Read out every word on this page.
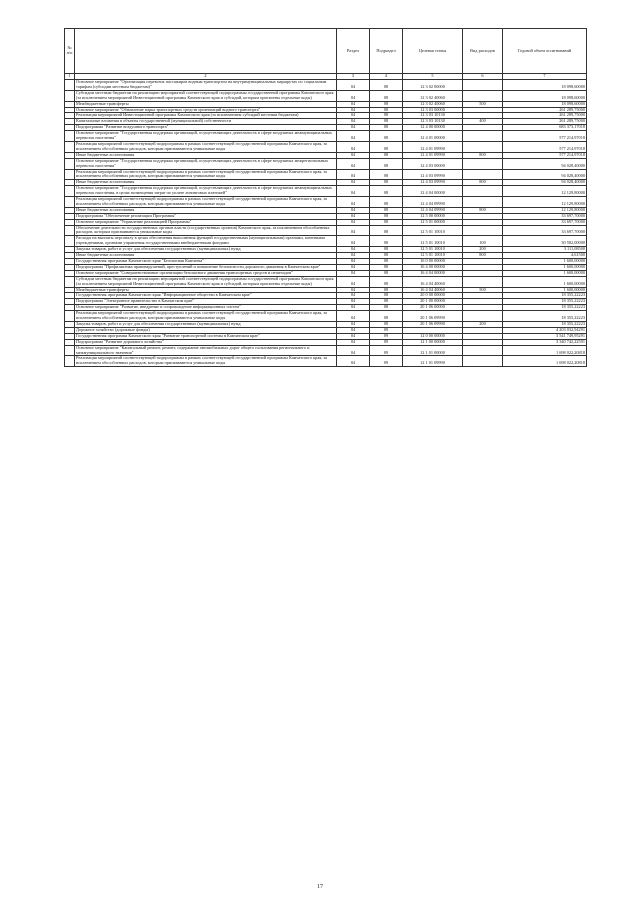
№ п/п		Раздел	Подраздел	Целевая статья	Вид расходов	Годовой объем ассигнований
1	2	3	4	5	6	7
	Основное мероприятие "Организация перевозок пассажиров водным транспортом на внутримуниципальных маршрутах по социальным тарифам (субсидии местным бюджетам)"	04	08	12 3 02 00000		18 098,60000
	Субсидии местным бюджетам на реализацию мероприятий соответствующей подпрограммы государственной программы Камчатского края (за исключением мероприятий Инвестиционной программы Камчатского края и субсидий, которым присвоены отдельные коды)	04	08	12 3 02 40060		18 098,60000
	Межбюджетные трансферты	04	08	12 3 02 40060	500	18 098,60000
	Основное мероприятие "Обновление парка транспортных средств организаций водного транспорта"	04	08	12 3 03 00000		261 289,75000
	Реализация мероприятий Инвестиционной программы Камчатского края (за исключением субсидий местным бюджетам)	04	08	12 3 03 10130		261 289,75000
	Капитальные вложения в объекты государственной (муниципальной) собственности	04	08	12 3 03 10130	400	261 289,75000
	Подпрограмма "Развитие воздушного транспорта"	04	08	12 4 00 00000		683 373,17018
	Основное мероприятие "Государственная поддержка организаций, осуществляющих деятельность в сфере воздушных межмуниципальных перевозок населения"	04	08	12 4 01 00000		577 214,97018
	Реализация мероприятий соответствующей подпрограммы в рамках соответствующей государственной программы Камчатского края, за исключением обособленных расходов, которым присваиваются уникальные коды	04	08	12 4 01 09990		577 214,97018
	Иные бюджетные ассигнования	04	08	12 4 01 09990	800	577 214,97018
	Основное мероприятие "Государственная поддержка организаций, осуществляющих деятельность в сфере воздушных межрегиональных перевозок населения"	04	08	12 4 03 00000		94 028,40000
	Реализация мероприятий соответствующей подпрограммы в рамках соответствующей государственной программы Камчатского края, за исключением обособленных расходов, которым присваиваются уникальные коды	04	08	12 4 03 09990		94 028,40000
	Иные бюджетные ассигнования	04	08	12 4 03 09990	800	94 028,40000
	Основное мероприятие "Государственная поддержка организаций, осуществляющих деятельность в сфере воздушных межмуниципальных перевозок населения, в целях возмещения затрат по уплате лизинговых платежей"	04	08	12 4 04 00000		12 129,80000
	Реализация мероприятий соответствующей подпрограммы в рамках соответствующей государственной программы Камчатского края, за исключением обособленных расходов, которым присваиваются уникальные коды	04	08	12 4 04 09990		12 129,80000
	Иные бюджетные ассигнования	04	08	12 4 04 09990	800	12 129,80000
	Подпрограмма "Обеспечение реализации Программы"	04	08	12 5 00 00000		33 697,70000
	Основное мероприятие "Управление реализацией Программы"	04	08	12 5 01 00000		33 697,70000
	Обеспечение деятельности государственных органов власти (государственных органов) Камчатского края, за исключением обособленных расходов, которым присваиваются уникальные коды	04	08	12 5 01 10010		33 697,70000
	Расходы на выплаты персоналу в целях обеспечения выполнения функций государственными (муниципальными) органами, казенными учреждениями, органами управления государственными внебюджетными фондами	04	08	12 5 01 10010	100	30 582,00000
	Закупка товаров, работ и услуг для обеспечения государственных (муниципальных) нужд	04	08	12 5 01 10010	200	3 111,08500
	Иные бюджетные ассигнования	04	08	12 5 01 10010	800	4,61500
	Государственная программа Камчатского края "Безопасная Камчатка"	04	08	16 0 00 00000		1 600,00000
	Подпрограмма "Профилактика правонарушений, преступлений и повышение безопасности дорожного движения в Камчатском крае"	04	08	16 4 00 00000		1 600,00000
	Основное мероприятие "Совершенствование организации безопасного движения транспортных средств и пешеходов"	04	08	16 4 04 00000		1 600,00000
	Субсидии местным бюджетам на реализацию мероприятий соответствующей подпрограммы государственной программы Камчатского края (за исключением мероприятий Инвестиционной программы Камчатского края и субсидий, которым присвоены отдельные коды)	04	08	16 4 04 40060		1 600,00000
	Межбюджетные трансферты	04	08	16 4 04 40060	500	1 600,00000
	Государственная программа Камчатского края "Информационное общество в Камчатском крае"	04	08	20 0 00 00000		18 355,22223
	Подпрограмма "Электронное правительство в Камчатском крае"	04	08	20 1 00 00000		18 355,22223
	Основное мероприятие "Развитие, внедрение и сопровождение информационных систем"	04	08	20 1 06 00000		18 355,22223
	Реализация мероприятий соответствующей подпрограммы в рамках соответствующей государственной программы Камчатского края, за исключением обособленных расходов, которым присваиваются уникальные коды	04	08	20 1 06 09990		18 355,22223
	Закупка товаров, работ и услуг для обеспечения государственных (муниципальных) нужд	04	08	20 1 06 09990	200	18 355,22223
	Дорожное хозяйство (дорожные фонды)	04	09			4 203 032,94291
	Государственная программа Камчатского края "Развитие транспортной системы в Камчатском крае"	04	09	12 0 00 00000		3 541 749,95291
	Подпрограмма "Развитие дорожного хозяйства"	04	09	12 1 00 00000		3 340 742,22591
	Основное мероприятие "Капитальный ремонт, ремонт, содержание автомобильных дорог общего пользования регионального и межмуниципального значения"	04	09	12 1 01 00000		1 698 022,20818
	Реализация мероприятий соответствующей подпрограммы в рамках соответствующей государственной программы Камчатского края, за исключением обособленных расходов, которым присваиваются уникальные коды	04	09	12 1 01 09990		1 698 022,20818
17
